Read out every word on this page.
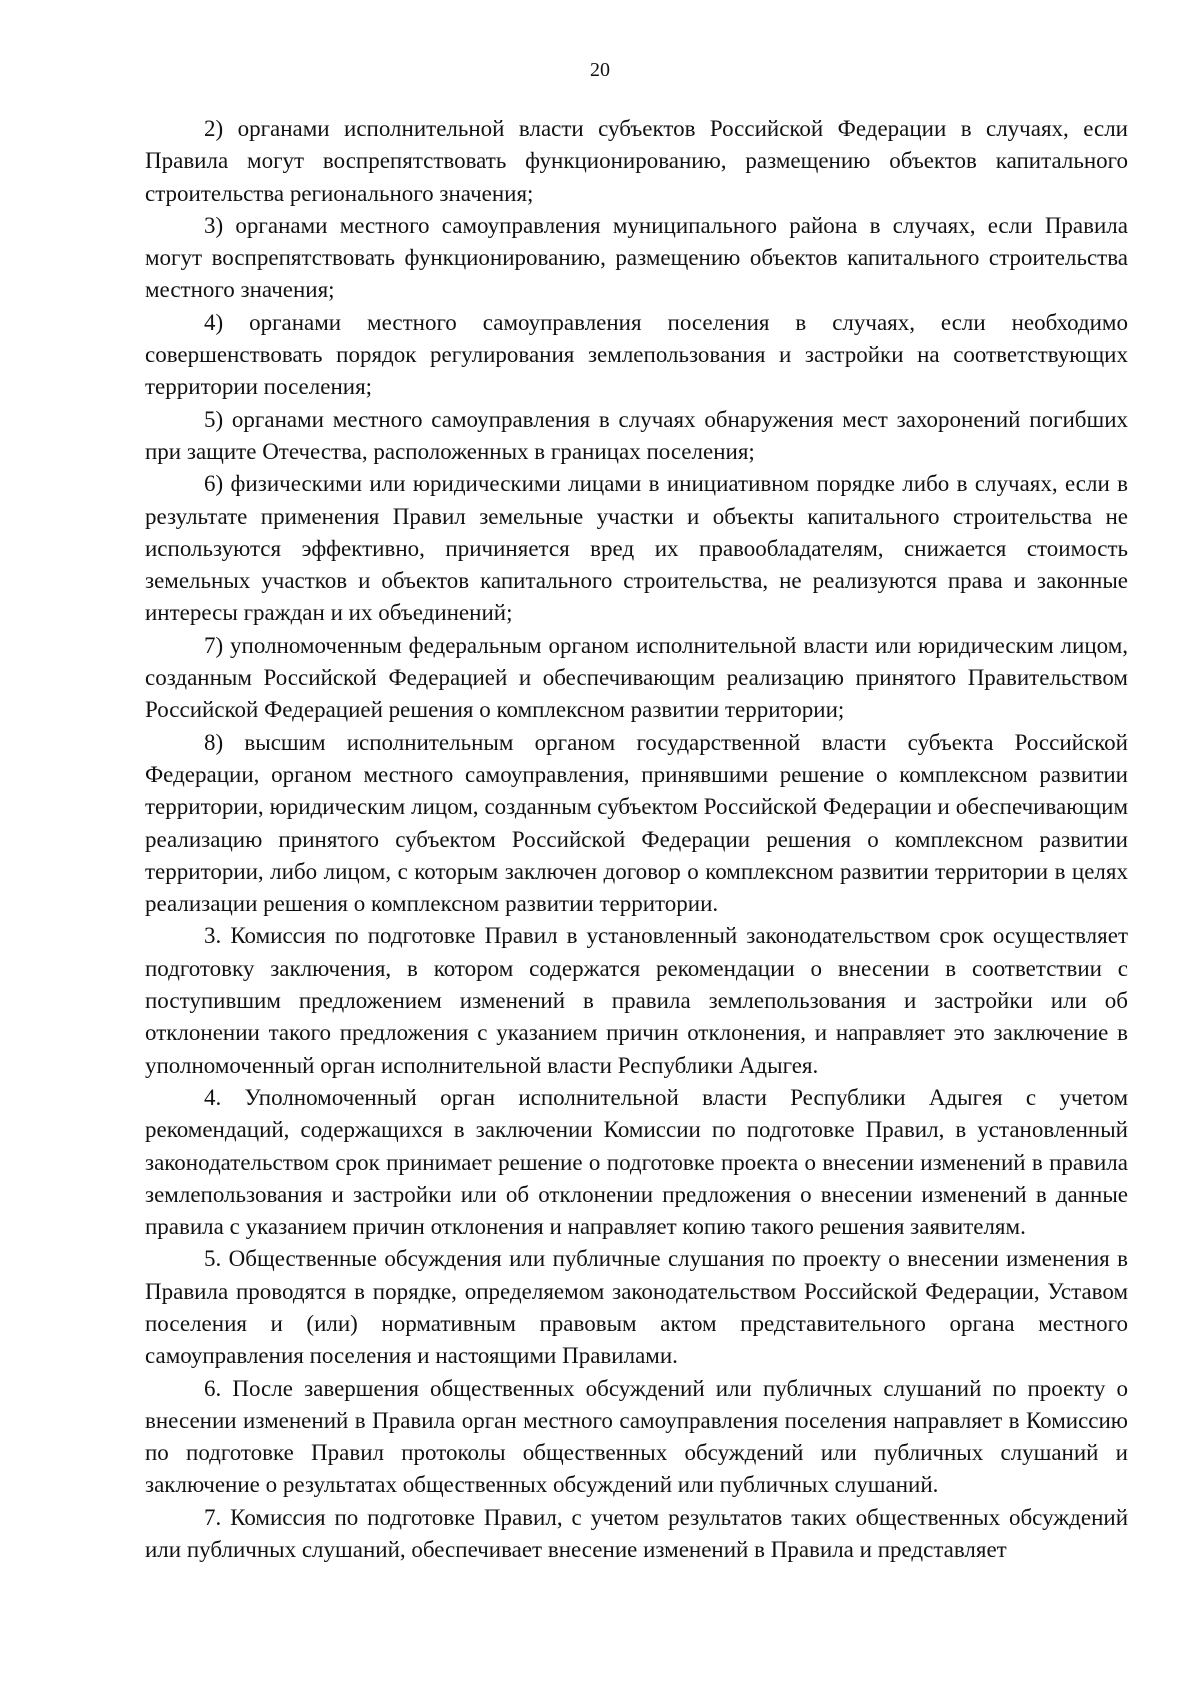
20

2) органами исполнительной власти субъектов Российской Федерации в случаях, если Правила могут воспрепятствовать функционированию, размещению объектов капитального строительства регионального значения;

3) органами местного самоуправления муниципального района в случаях, если Правила могут воспрепятствовать функционированию, размещению объектов капитального строительства местного значения;

4) органами местного самоуправления поселения в случаях, если необходимо совершенствовать порядок регулирования землепользования и застройки на соответствующих территории поселения;

5) органами местного самоуправления в случаях обнаружения мест захоронений погибших при защите Отечества, расположенных в границах поселения;

6) физическими или юридическими лицами в инициативном порядке либо в случаях, если в результате применения Правил земельные участки и объекты капитального строительства не используются эффективно, причиняется вред их правообладателям, снижается стоимость земельных участков и объектов капитального строительства, не реализуются права и законные интересы граждан и их объединений;

7) уполномоченным федеральным органом исполнительной власти или юридическим лицом, созданным Российской Федерацией и обеспечивающим реализацию принятого Правительством Российской Федерацией решения о комплексном развитии территории;

8) высшим исполнительным органом государственной власти субъекта Российской Федерации, органом местного самоуправления, принявшими решение о комплексном развитии территории, юридическим лицом, созданным субъектом Российской Федерации и обеспечивающим реализацию принятого субъектом Российской Федерации решения о комплексном развитии территории, либо лицом, с которым заключен договор о комплексном развитии территории в целях реализации решения о комплексном развитии территории.

3. Комиссия по подготовке Правил в установленный законодательством срок осуществляет подготовку заключения, в котором содержатся рекомендации о внесении в соответствии с поступившим предложением изменений в правила землепользования и застройки или об отклонении такого предложения с указанием причин отклонения, и направляет это заключение в уполномоченный орган исполнительной власти Республики Адыгея.

4. Уполномоченный орган исполнительной власти Республики Адыгея с учетом рекомендаций, содержащихся в заключении Комиссии по подготовке Правил, в установленный законодательством срок принимает решение о подготовке проекта о внесении изменений в правила землепользования и застройки или об отклонении предложения о внесении изменений в данные правила с указанием причин отклонения и направляет копию такого решения заявителям.

5. Общественные обсуждения или публичные слушания по проекту о внесении изменения в Правила проводятся в порядке, определяемом законодательством Российской Федерации, Уставом поселения и (или) нормативным правовым актом представительного органа местного самоуправления поселения и настоящими Правилами.

6. После завершения общественных обсуждений или публичных слушаний по проекту о внесении изменений в Правила орган местного самоуправления поселения направляет в Комиссию по подготовке Правил протоколы общественных обсуждений или публичных слушаний и заключение о результатах общественных обсуждений или публичных слушаний.

7. Комиссия по подготовке Правил, с учетом результатов таких общественных обсуждений или публичных слушаний, обеспечивает внесение изменений в Правила и представляет
